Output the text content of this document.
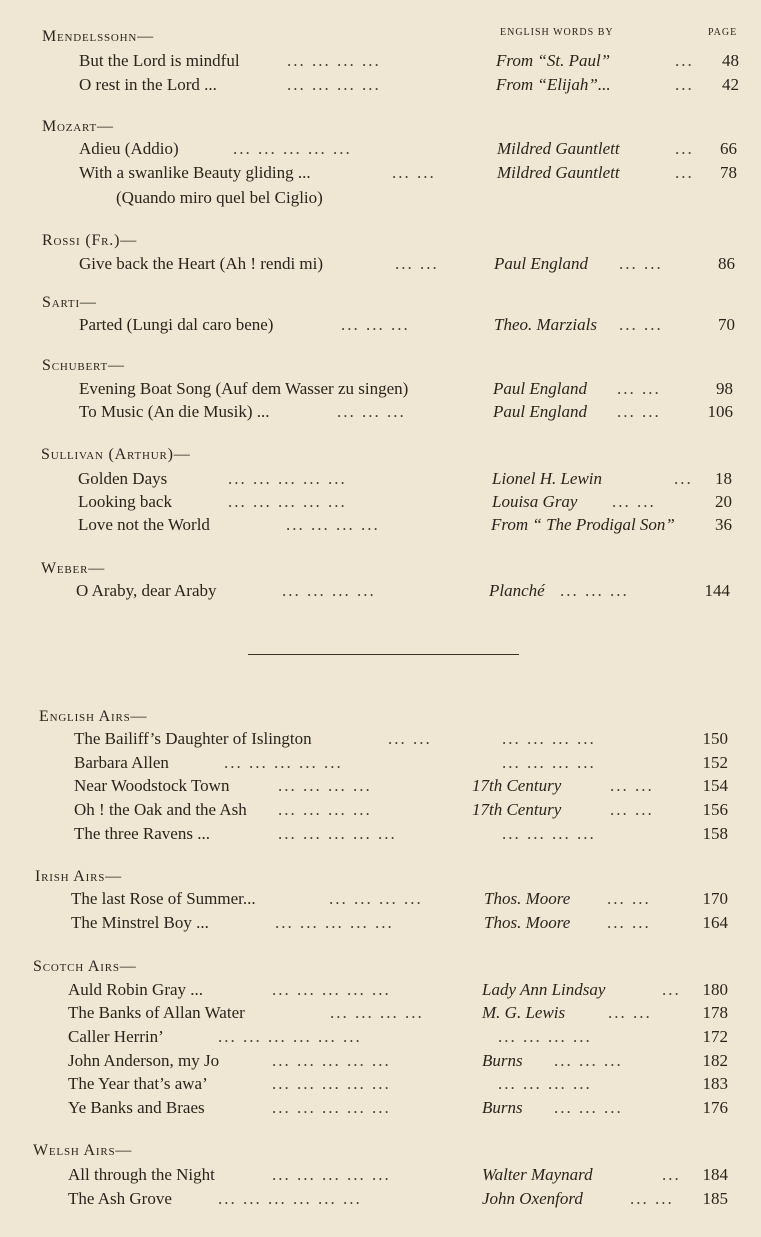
ENGLISH WORDS BY	PAGE
Mendelssohn—
But the Lord is mindful	... ... ... ...	From “St. Paul”	...	48
O rest in the Lord ...	... ... ... ...	From “Elijah”...	...	42
Mozart—
Adieu (Addio)	... ... ... ... ...	Mildred Gauntlett	...	66
With a swanlike Beauty gliding ...	... ...	Mildred Gauntlett	...	78
(Quando miro quel bel Ciglio)
Rossi (Fr.)—
Give back the Heart (Ah ! rendi mi)	... ...	Paul England ... ...	86
Sarti—
Parted (Lungi dal caro bene)	... ... ...	Theo. Marzials ... ...	70
Schubert—
Evening Boat Song (Auf dem Wasser zu singen)	Paul England ... ...	98
To Music (An die Musik) ...	... ... ...	Paul England ... ...	106
Sullivan (Arthur)—
Golden Days	... ... ... ... ...	Lionel H. Lewin	...	18
Looking back	... ... ... ... ...	Louisa Gray ... ...	20
Love not the World	... ... ... ...	From “ The Prodigal Son”	36
Weber—
O Araby, dear Araby	... ... ... ...	Planché ... ... ...	144
English Airs—
The Bailiff’s Daughter of Islington	... ...	... ... ... ...	150
Barbara Allen	... ... ... ... ...	... ... ... ...	152
Near Woodstock Town	... ... ... ...	17th Century	... ...	154
Oh ! the Oak and the Ash ... ... ... ...	17th Century	... ...	156
The three Ravens ...	... ... ... ... ...	... ... ... ...	158
Irish Airs—
The last Rose of Summer...	... ... ... ...	Thos. Moore ... ...	170
The Minstrel Boy ...	... ... ... ... ...	Thos. Moore ... ...	164
Scotch Airs—
Auld Robin Gray ...	... ... ... ... ...	Lady Ann Lindsay	...	180
The Banks of Allan Water	... ... ... ...	M. G. Lewis	... ...	178
Caller Herrin’	... ... ... ... ... ...	... ... ... ...	172
John Anderson, my Jo	... ... ... ... ...	Burns ... ... ...	182
The Year that’s awa’	... ... ... ... ...	... ... ... ...	183
Ye Banks and Braes	... ... ... ... ...	Burns ... ... ...	176
Welsh Airs—
All through the Night	... ... ... ... ...	Walter Maynard	...	184
The Ash Grove	... ... ... ... ... ...	John Oxenford	... ...	185
